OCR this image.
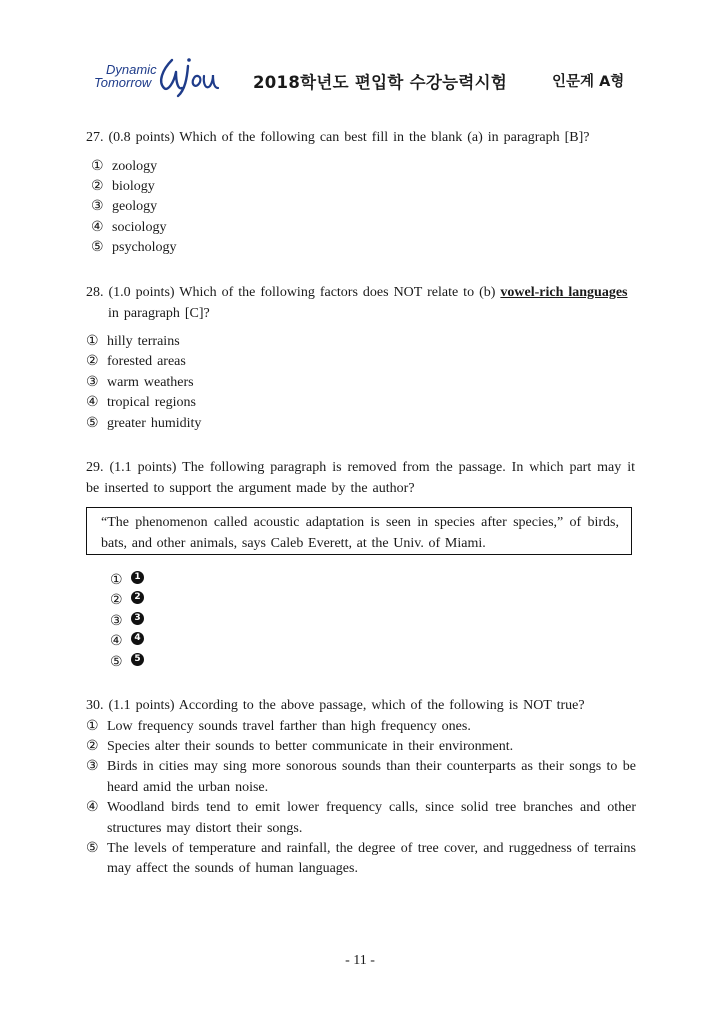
Dynamic
Tomorrow	2018학년도 편입학 수강능력시험	인문계 A형

27. (0.8 points) Which of the following can best fill in the blank (a) in paragraph [B]?

① zoology
② biology
③ geology
④ sociology
⑤ psychology

28. (1.0 points) Which of the following factors does NOT relate to (b) vowel-rich languages

in paragraph [C]?

① hilly terrains
② forested areas
③ warm weathers
④ tropical regions
⑤ greater humidity

29. (1.1 points) The following paragraph is removed from the passage. In which part may it be inserted to support the argument made by the author?

“The phenomenon called acoustic adaptation is seen in species after species,” of birds, bats, and other animals, says Caleb Everett, at the Univ. of Miami.
①	1
②	2
③	3
④	4
⑤	5

30. (1.1 points) According to the above passage, which of the following is NOT true?

① Low frequency sounds travel farther than high frequency ones.
② Species alter their sounds to better communicate in their environment.
③ Birds in cities may sing more sonorous sounds than their counterparts as their songs to be heard amid the urban noise.
④ Woodland birds tend to emit lower frequency calls, since solid tree branches and other structures may distort their songs.
⑤ The levels of temperature and rainfall, the degree of tree cover, and ruggedness of terrains may affect the sounds of human languages.
- 11 -
